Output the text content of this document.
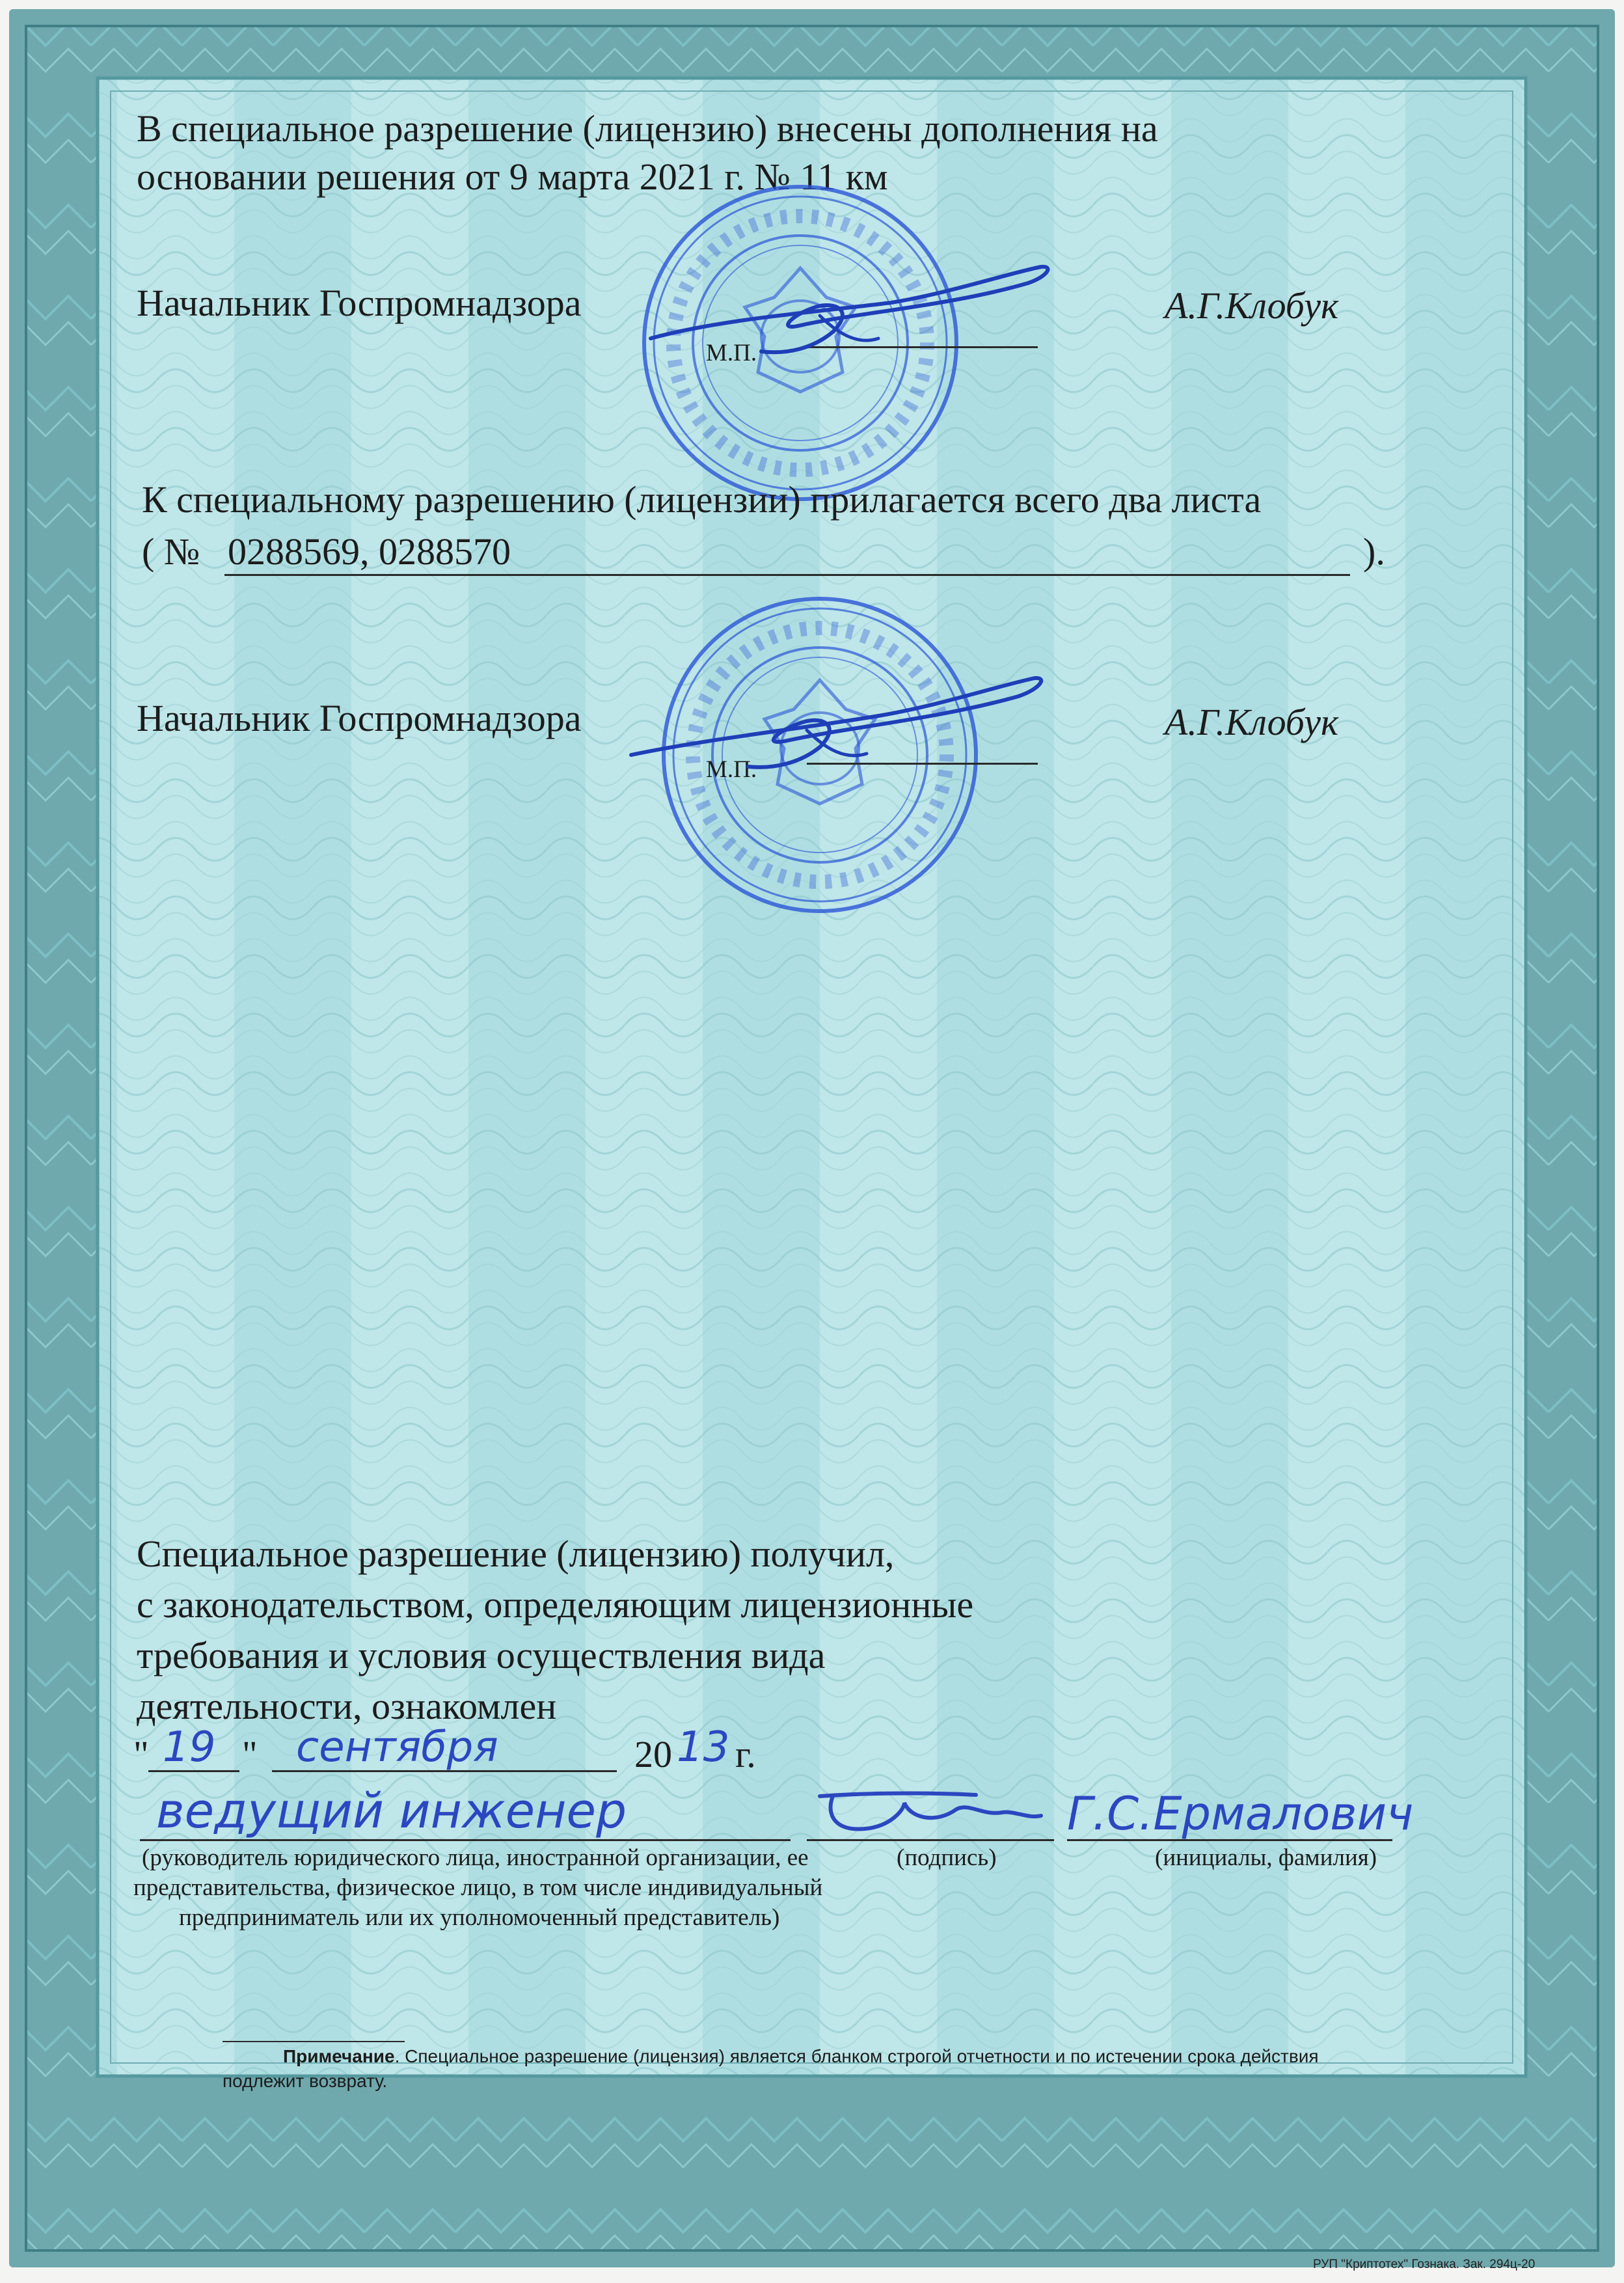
В специальное разрешение (лицензию) внесены дополнения на
основании решения от 9 марта 2021 г. № 11 км
Начальник Госпромнадзора
М.П.
А.Г.Клобук
К специальному разрешению (лицензии) прилагается всего два листа
( № 0288569, 0288570	).
Начальник Госпромнадзора
М.П.
А.Г.Клобук
Специальное разрешение (лицензию) получил,
с законодательством, определяющим лицензионные
требования и условия осуществления вида
деятельности, ознакомлен
" 19 " сентября	20 13 г.
ведущий инженер	Г.С.Ермалович
(руководитель юридического лица, иностранной организации, ее
представительства, физическое лицо, в том числе индивидуальный
предприниматель или их уполномоченный представитель)
(подпись)	(инициалы, фамилия)
Примечание. Специальное разрешение (лицензия) является бланком строгой отчетности и по истечении срока действия
подлежит возврату.
РУП "Криптотех" Гознака. Зак. 294ц-20
